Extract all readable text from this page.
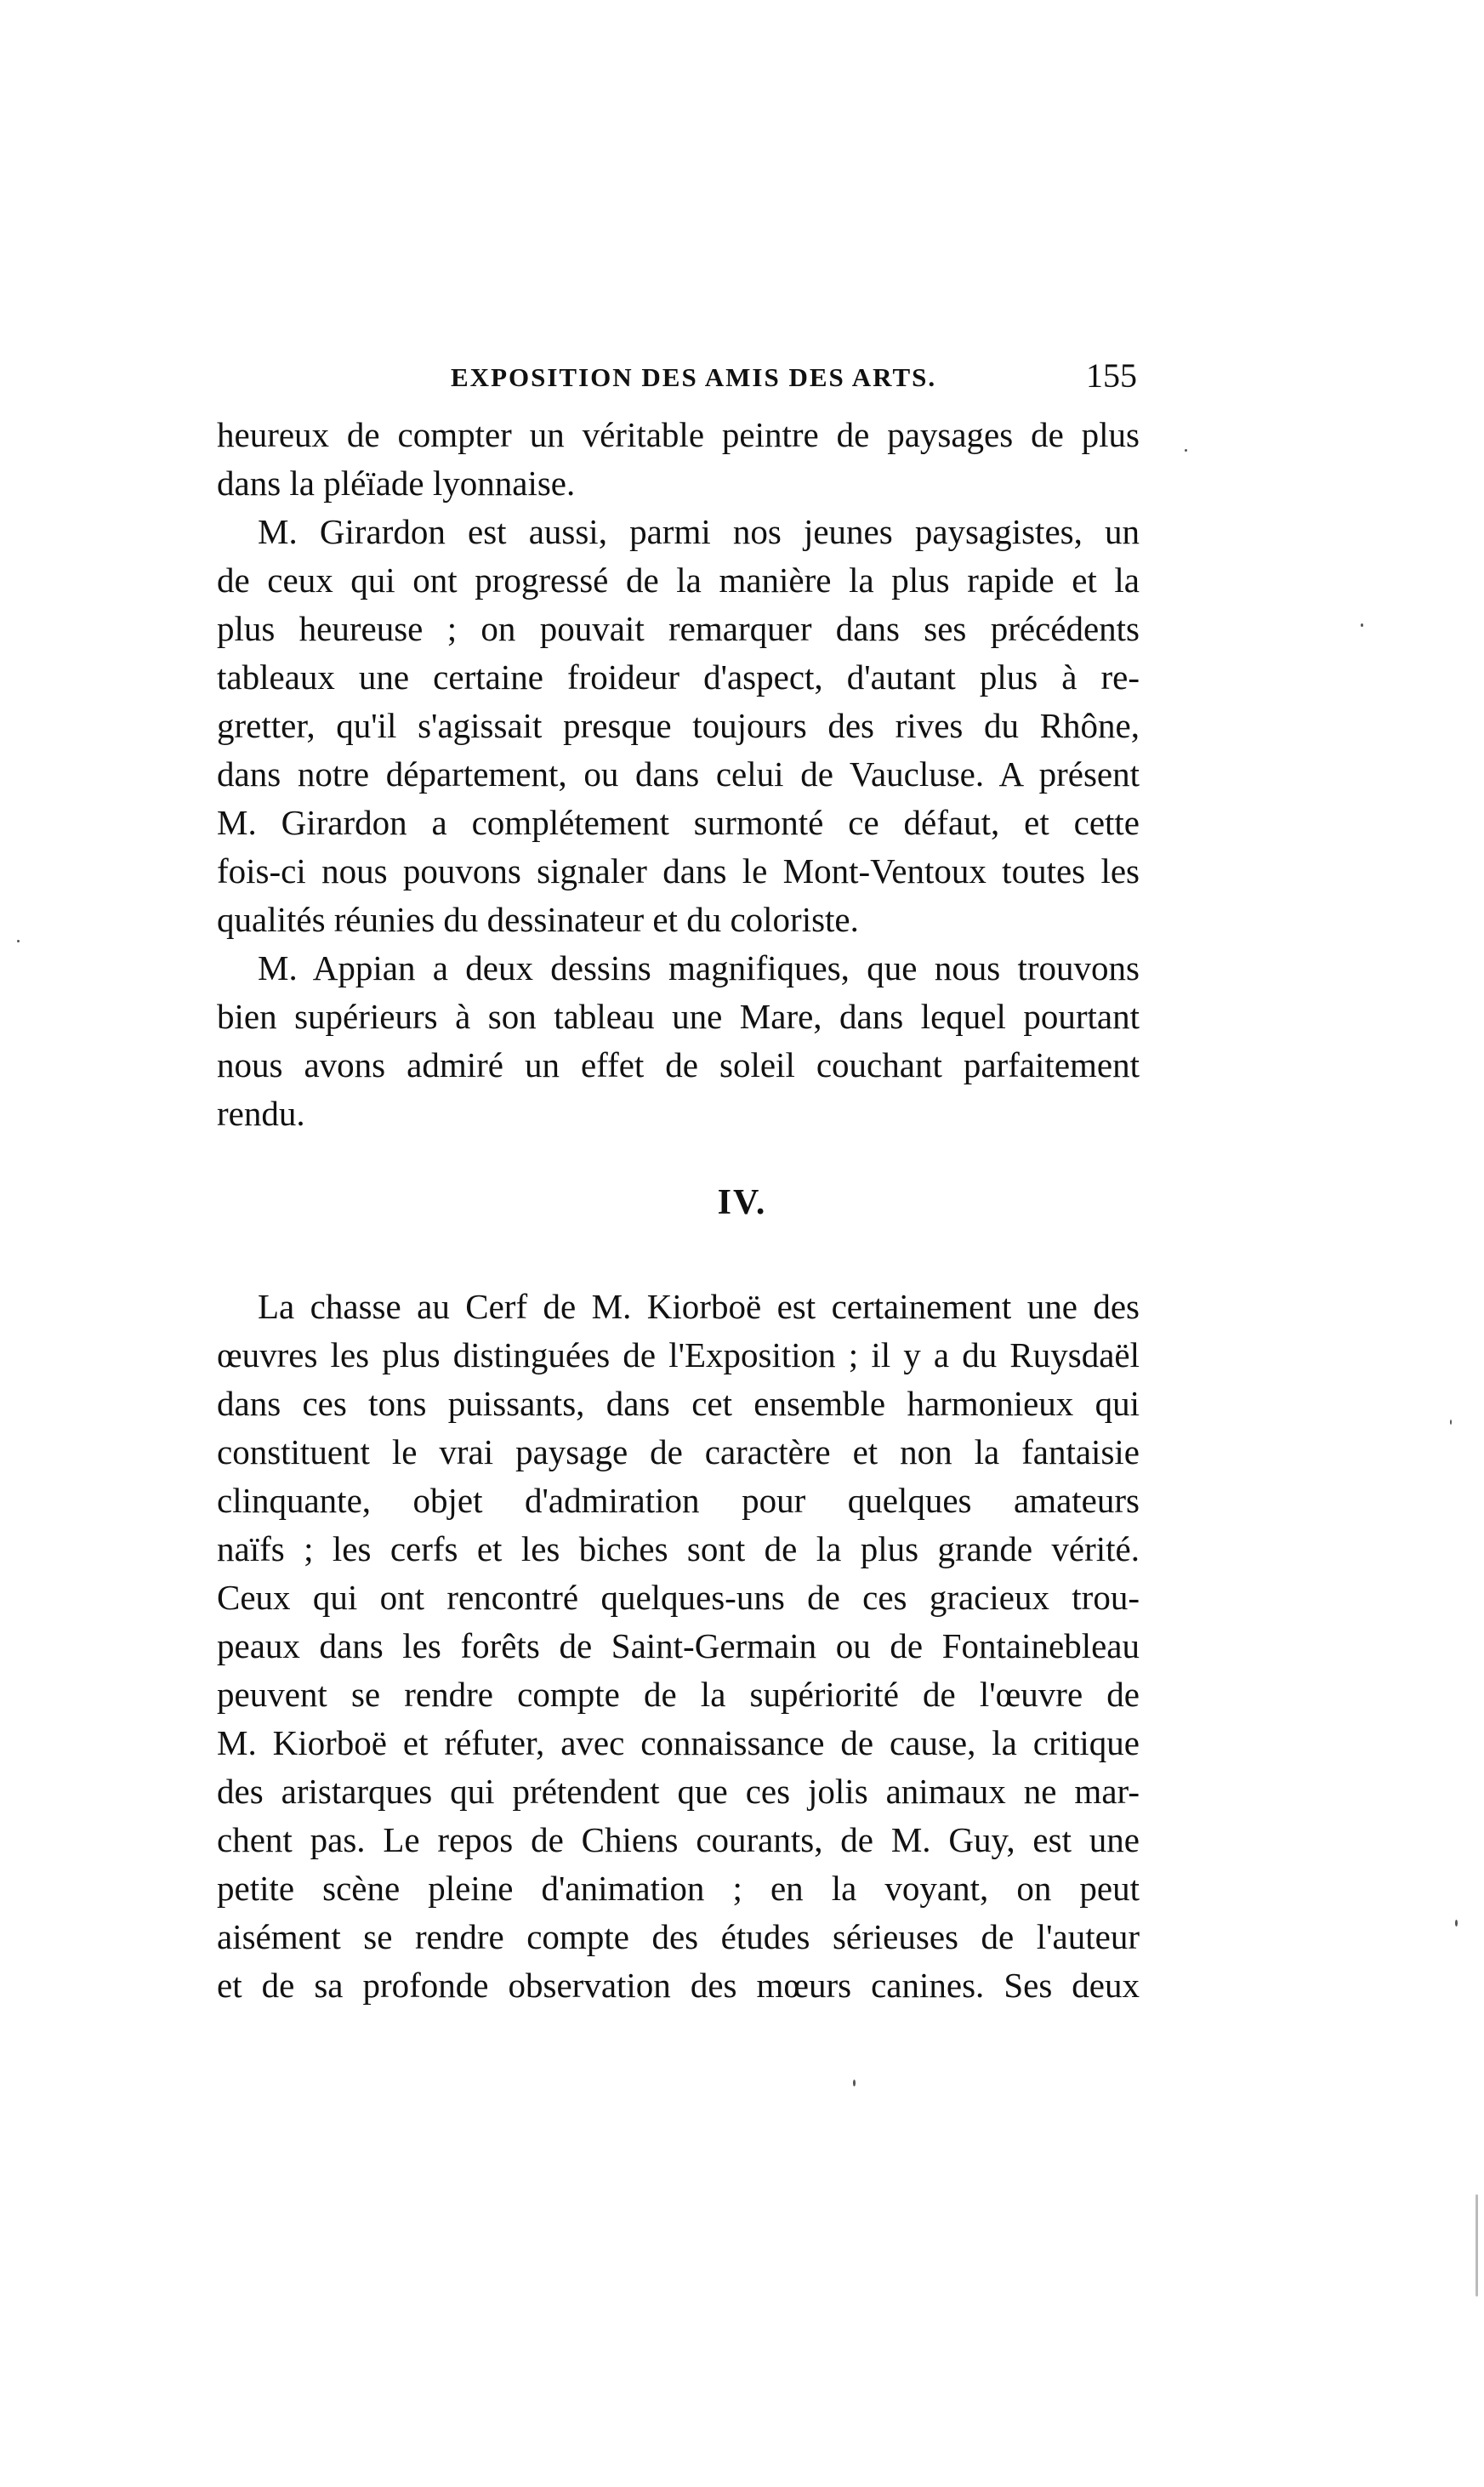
EXPOSITION DES AMIS DES ARTS.	155
heureux de compter un véritable peintre de paysages de plus
dans la pléïade lyonnaise.
M. Girardon est aussi, parmi nos jeunes paysagistes, un
de ceux qui ont progressé de la manière la plus rapide et la
plus heureuse ; on pouvait remarquer dans ses précédents
tableaux une certaine froideur d'aspect, d'autant plus à re-
gretter, qu'il s'agissait presque toujours des rives du Rhône,
dans notre département, ou dans celui de Vaucluse. A présent
M. Girardon a complétement surmonté ce défaut, et cette
fois-ci nous pouvons signaler dans le Mont-Ventoux toutes les
qualités réunies du dessinateur et du coloriste.
M. Appian a deux dessins magnifiques, que nous trouvons
bien supérieurs à son tableau une Mare, dans lequel pourtant
nous avons admiré un effet de soleil couchant parfaitement
rendu.
IV.
La chasse au Cerf de M. Kiorboë est certainement une des
œuvres les plus distinguées de l'Exposition ; il y a du Ruysdaël
dans ces tons puissants, dans cet ensemble harmonieux qui
constituent le vrai paysage de caractère et non la fantaisie
clinquante, objet d'admiration pour quelques amateurs
naïfs ; les cerfs et les biches sont de la plus grande vérité.
Ceux qui ont rencontré quelques-uns de ces gracieux trou-
peaux dans les forêts de Saint-Germain ou de Fontainebleau
peuvent se rendre compte de la supériorité de l'œuvre de
M. Kiorboë et réfuter, avec connaissance de cause, la critique
des aristarques qui prétendent que ces jolis animaux ne mar-
chent pas. Le repos de Chiens courants, de M. Guy, est une
petite scène pleine d'animation ; en la voyant, on peut
aisément se rendre compte des études sérieuses de l'auteur
et de sa profonde observation des mœurs canines. Ses deux
